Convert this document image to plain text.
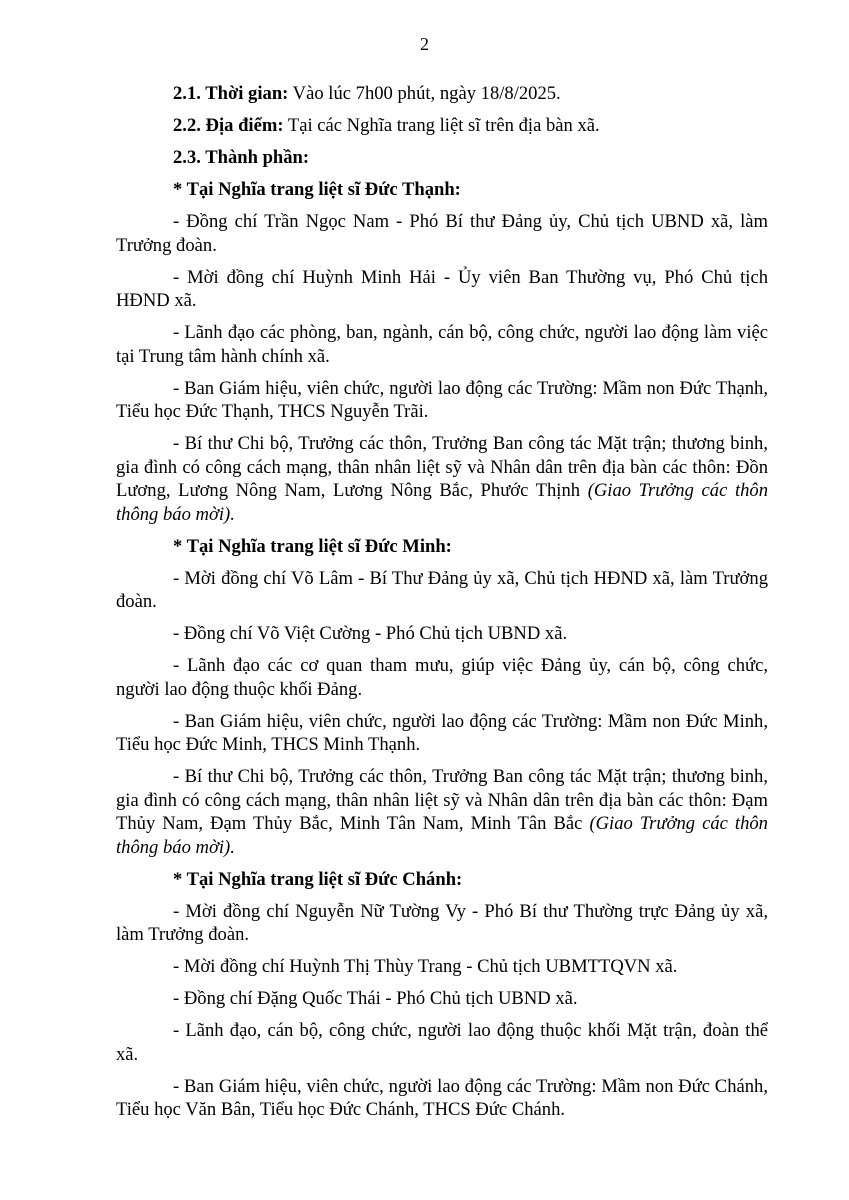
2

2.1. Thời gian: Vào lúc 7h00 phút, ngày 18/8/2025.

2.2. Địa điểm: Tại các Nghĩa trang liệt sĩ trên địa bàn xã.

2.3. Thành phần:

* Tại Nghĩa trang liệt sĩ Đức Thạnh:

- Đồng chí Trần Ngọc Nam - Phó Bí thư Đảng ủy, Chủ tịch UBND xã, làm Trưởng đoàn.

- Mời đồng chí Huỳnh Minh Hải - Ủy viên Ban Thường vụ, Phó Chủ tịch HĐND xã.

- Lãnh đạo các phòng, ban, ngành, cán bộ, công chức, người lao động làm việc tại Trung tâm hành chính xã.

- Ban Giám hiệu, viên chức, người lao động các Trường: Mầm non Đức Thạnh, Tiểu học Đức Thạnh, THCS Nguyễn Trãi.

- Bí thư Chi bộ, Trưởng các thôn, Trưởng Ban công tác Mặt trận; thương binh, gia đình có công cách mạng, thân nhân liệt sỹ và Nhân dân trên địa bàn các thôn: Đồn Lương, Lương Nông Nam, Lương Nông Bắc, Phước Thịnh (Giao Trưởng các thôn thông báo mời).

* Tại Nghĩa trang liệt sĩ Đức Minh:

- Mời đồng chí Võ Lâm - Bí Thư Đảng ủy xã, Chủ tịch HĐND xã, làm Trưởng đoàn.

- Đồng chí Võ Việt Cường - Phó Chủ tịch UBND xã.

- Lãnh đạo các cơ quan tham mưu, giúp việc Đảng ủy, cán bộ, công chức, người lao động thuộc khối Đảng.

- Ban Giám hiệu, viên chức, người lao động các Trường: Mầm non Đức Minh, Tiểu học Đức Minh, THCS Minh Thạnh.

- Bí thư Chi bộ, Trưởng các thôn, Trưởng Ban công tác Mặt trận; thương binh, gia đình có công cách mạng, thân nhân liệt sỹ và Nhân dân trên địa bàn các thôn: Đạm Thủy Nam, Đạm Thủy Bắc, Minh Tân Nam, Minh Tân Bắc (Giao Trưởng các thôn thông báo mời).

* Tại Nghĩa trang liệt sĩ Đức Chánh:

- Mời đồng chí Nguyễn Nữ Tường Vy - Phó Bí thư Thường trực Đảng ủy xã, làm Trưởng đoàn.

- Mời đồng chí Huỳnh Thị Thùy Trang - Chủ tịch UBMTTQVN xã.

- Đồng chí Đặng Quốc Thái - Phó Chủ tịch UBND xã.

- Lãnh đạo, cán bộ, công chức, người lao động thuộc khối Mặt trận, đoàn thể xã.

- Ban Giám hiệu, viên chức, người lao động các Trường: Mầm non Đức Chánh, Tiểu học Văn Bân, Tiểu học Đức Chánh, THCS Đức Chánh.
